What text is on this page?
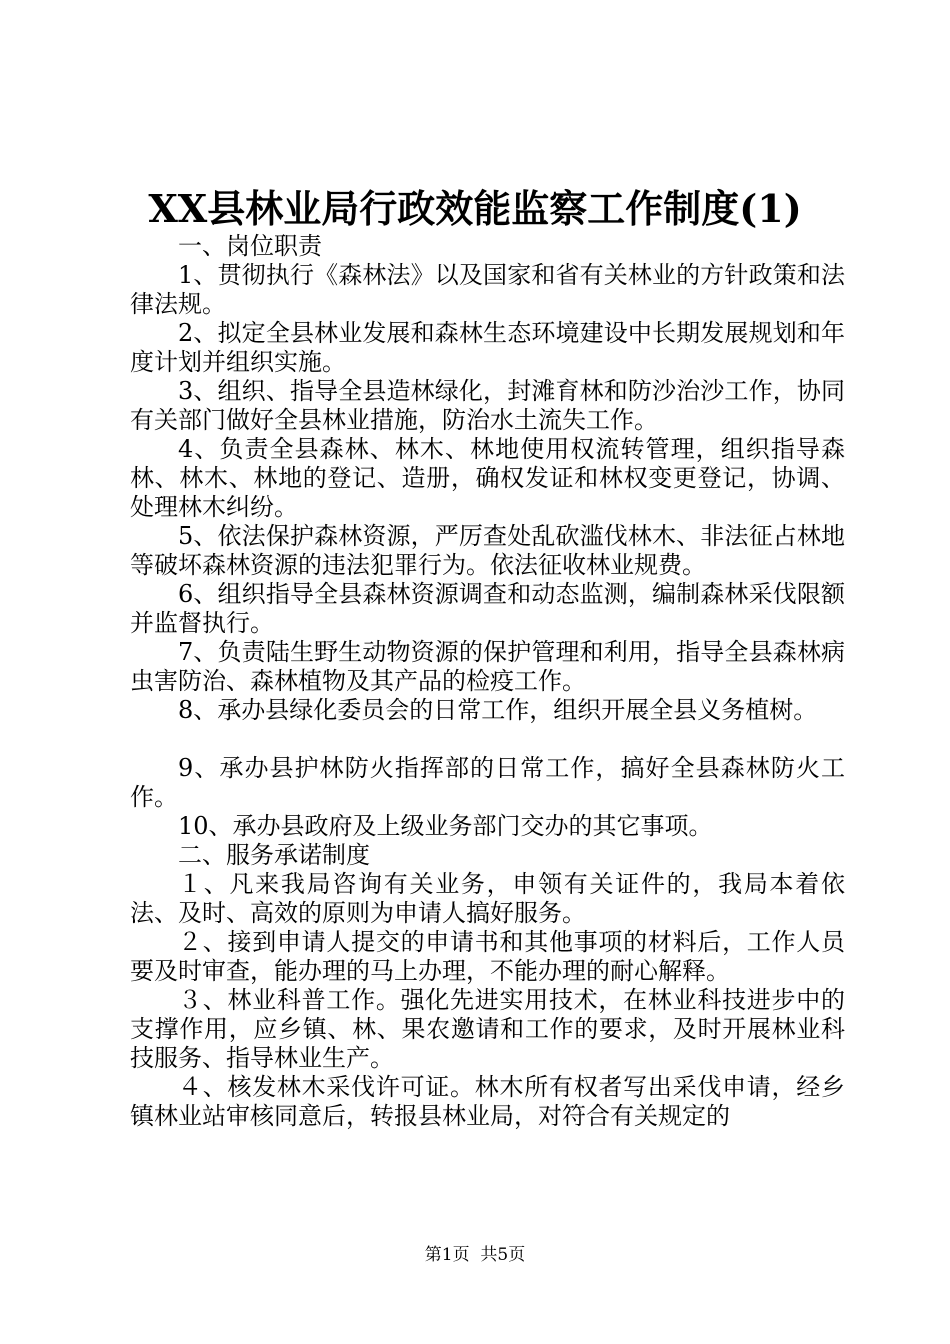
XX县林业局行政效能监察工作制度(1)

一、岗位职责

1、贯彻执行《森林法》以及国家和省有关林业的方针政策和法律法规。

2、拟定全县林业发展和森林生态环境建设中长期发展规划和年度计划并组织实施。

3、组织、指导全县造林绿化，封滩育林和防沙治沙工作，协同有关部门做好全县林业措施，防治水土流失工作。

4、负责全县森林、林木、林地使用权流转管理，组织指导森林、林木、林地的登记、造册，确权发证和林权变更登记，协调、处理林木纠纷。

5、依法保护森林资源，严厉查处乱砍滥伐林木、非法征占林地等破坏森林资源的违法犯罪行为。依法征收林业规费。

6、组织指导全县森林资源调查和动态监测，编制森林采伐限额并监督执行。

7、负责陆生野生动物资源的保护管理和利用，指导全县森林病虫害防治、森林植物及其产品的检疫工作。

8、承办县绿化委员会的日常工作，组织开展全县义务植树。

9、承办县护林防火指挥部的日常工作，搞好全县森林防火工作。

10、承办县政府及上级业务部门交办的其它事项。

二、服务承诺制度

１、凡来我局咨询有关业务，申领有关证件的，我局本着依法、及时、高效的原则为申请人搞好服务。

２、接到申请人提交的申请书和其他事项的材料后，工作人员要及时审查，能办理的马上办理，不能办理的耐心解释。

３、林业科普工作。强化先进实用技术，在林业科技进步中的支撑作用，应乡镇、林、果农邀请和工作的要求，及时开展林业科技服务、指导林业生产。

４、核发林木采伐许可证。林木所有权者写出采伐申请，经乡镇林业站审核同意后，转报县林业局，对符合有关规定的

第1页 共5页
